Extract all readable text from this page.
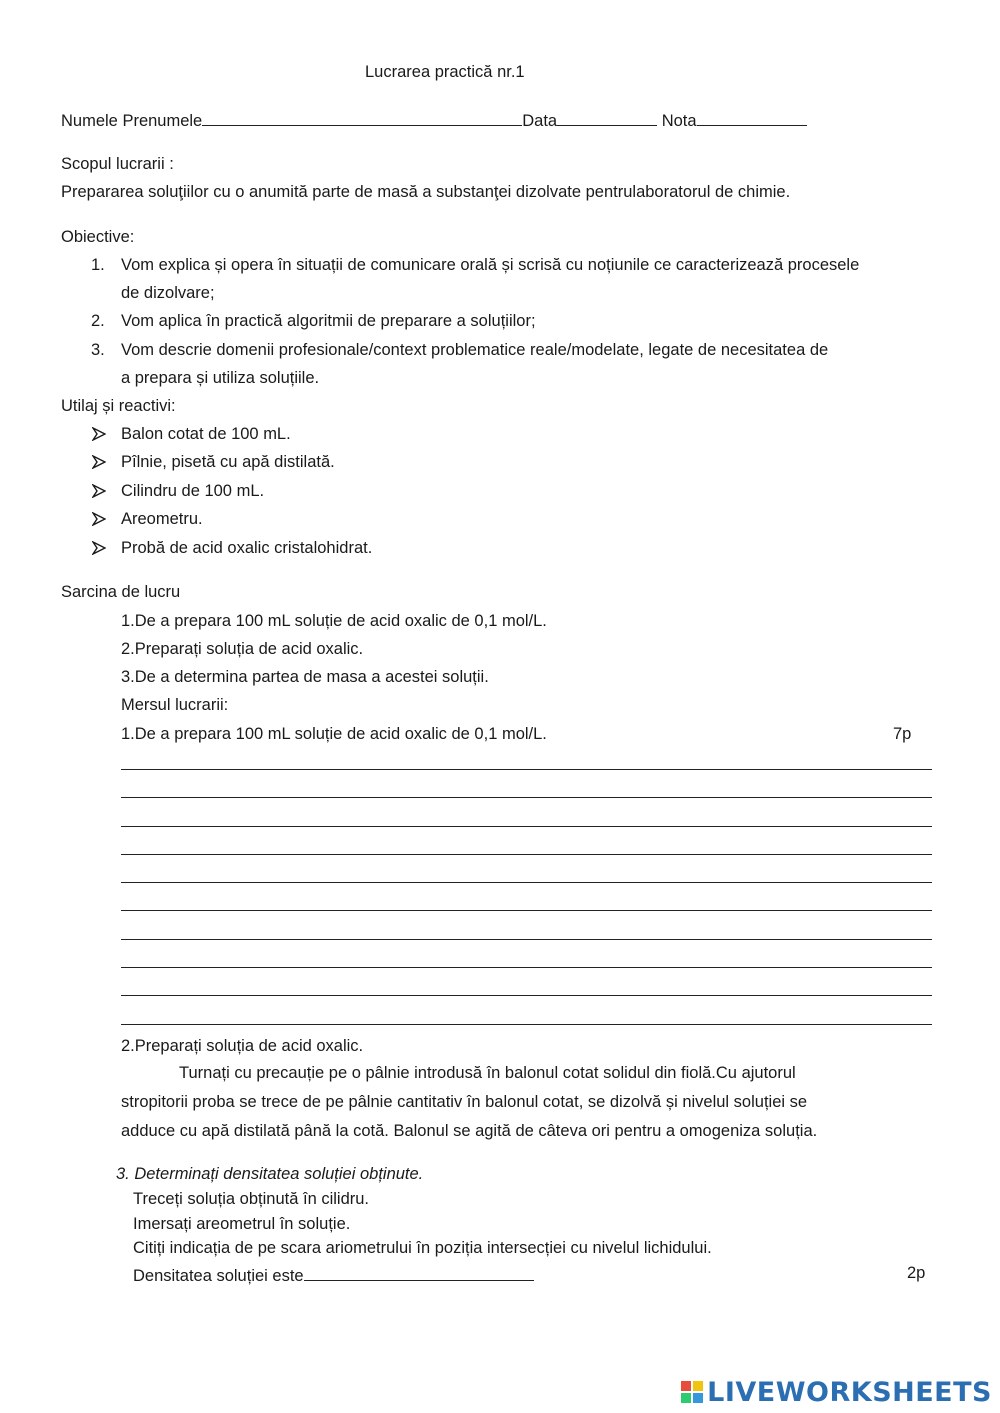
Lucrarea practică nr.1
Numele Prenumele	Data	Nota
Scopul lucrarii :
Prepararea soluţiilor cu o anumită parte de masă a substanţei dizolvate pentrulaboratorul de chimie.
Obiective:
1. Vom explica și opera în situații de comunicare orală și scrisă cu noțiunile ce caracterizează procesele
de dizolvare;
2. Vom aplica în practică algoritmii de preparare a soluțiilor;
3. Vom descrie domenii profesionale/context problematice reale/modelate, legate de necesitatea de
a prepara și utiliza soluțiile.
Utilaj și reactivi:
Balon cotat de 100 mL.
Pîlnie, pisetă cu apă distilată.
Cilindru de 100 mL.
Areometru.
Probă de acid oxalic cristalohidrat.
Sarcina de lucru
1.De a prepara 100 mL soluție de acid oxalic de 0,1 mol/L.
2.Preparați soluția de acid oxalic.
3.De a determina partea de masa a acestei soluții.
Mersul lucrarii:
1.De a prepara 100 mL soluție de acid oxalic de 0,1 mol/L.	7p
2.Preparați soluția de acid oxalic.
Turnați cu precauție pe o pâlnie introdusă în balonul cotat solidul din fiolă.Cu ajutorul
stropitorii proba se trece de pe pâlnie cantitativ în balonul cotat, se dizolvă și nivelul soluției se
adduce cu apă distilată până la cotă. Balonul se agită de câteva ori pentru a omogeniza soluția.
3. Determinați densitatea soluției obținute.
Treceți soluția obținută în cilidru.
Imersați areometrul în soluție.
Citiți indicația de pe scara ariometrului în poziția intersecției cu nivelul lichidului.
Densitatea soluției este	2p
LIVEWORKSHEETS
